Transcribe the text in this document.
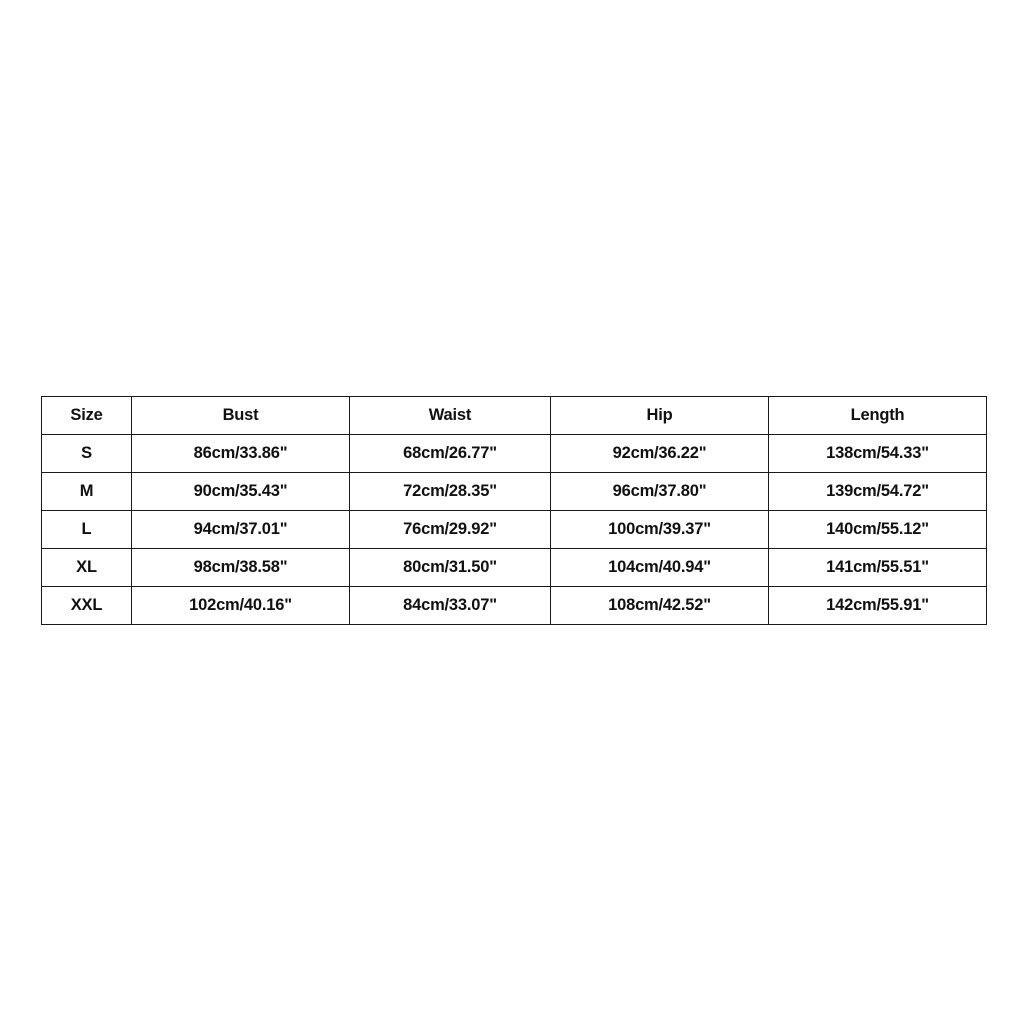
Size	Bust	Waist	Hip	Length
S	86cm/33.86"	68cm/26.77"	92cm/36.22"	138cm/54.33"
M	90cm/35.43"	72cm/28.35"	96cm/37.80"	139cm/54.72"
L	94cm/37.01"	76cm/29.92"	100cm/39.37"	140cm/55.12"
XL	98cm/38.58"	80cm/31.50"	104cm/40.94"	141cm/55.51"
XXL	102cm/40.16"	84cm/33.07"	108cm/42.52"	142cm/55.91"
